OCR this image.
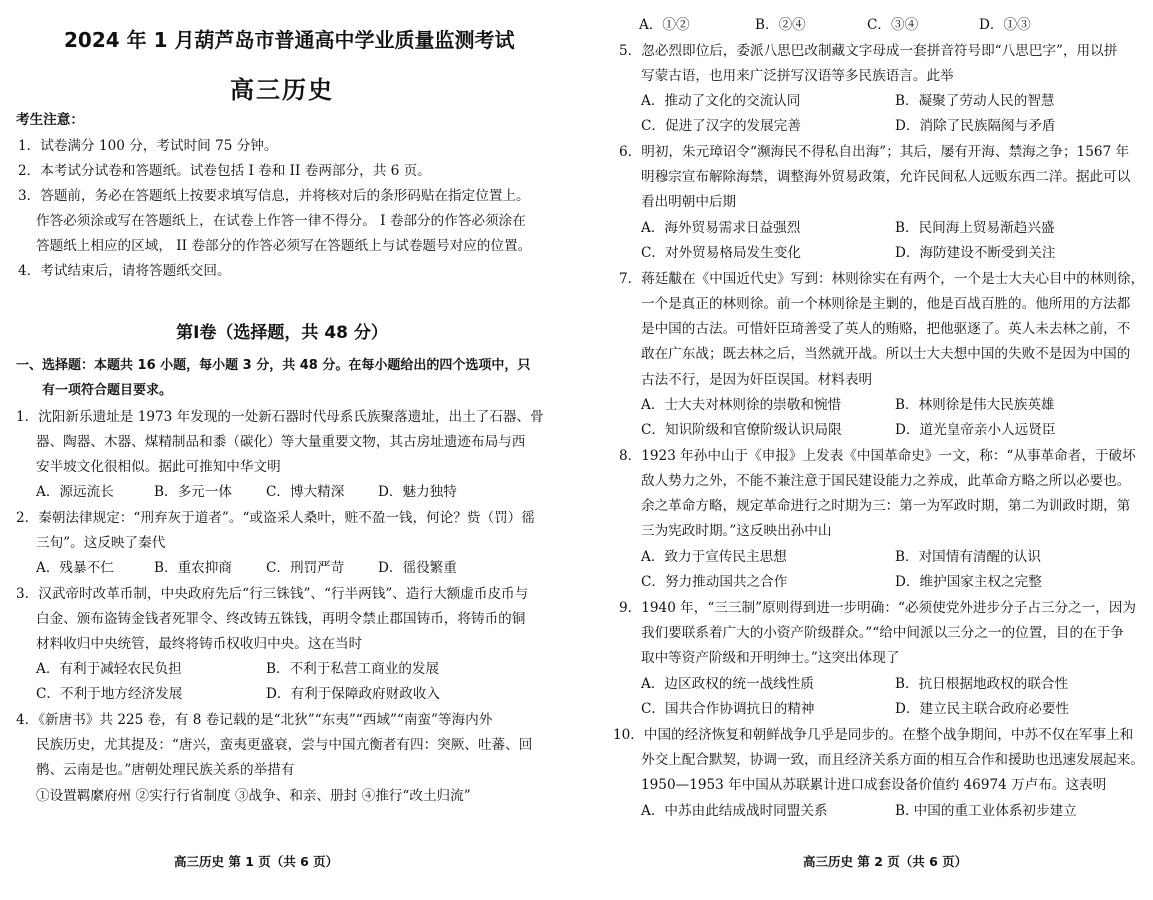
2024 年 1 月葫芦岛市普通高中学业质量监测考试
高三历史
考生注意：
1．试卷满分 100 分，考试时间 75 分钟。
2．本考试分试卷和答题纸。试卷包括 I 卷和 II 卷两部分，共 6 页。
3．答题前，务必在答题纸上按要求填写信息，并将核对后的条形码贴在指定位置上。
作答必须涂或写在答题纸上，在试卷上作答一律不得分。 I 卷部分的作答必须涂在
答题纸上相应的区域， II 卷部分的作答必须写在答题纸上与试卷题号对应的位置。
4．考试结束后，请将答题纸交回。
第Ⅰ卷（选择题，共 48 分）
一、选择题：本题共 16 小题，每小题 3 分，共 48 分。在每小题给出的四个选项中，只
有一项符合题目要求。
1．沈阳新乐遗址是 1973 年发现的一处新石器时代母系氏族聚落遗址，出土了石器、骨
器、陶器、木器、煤精制品和黍（碳化）等大量重要文物，其古房址遗迹布局与西
安半坡文化很相似。据此可推知中华文明
A．源远流长	B．多元一体	C．博大精深 D．魅力独特
2．秦朝法律规定：“刑弃灰于道者”。“或盗采人桑叶，赃不盈一钱，何论？赀（罚）徭
三旬”。这反映了秦代
A．残暴不仁	B．重农抑商	C．刑罚严苛 D．徭役繁重
3．汉武帝时改革币制，中央政府先后“行三铢钱”、“行半两钱”、造行大额虚币皮币与
白金、颁布盗铸金钱者死罪令、终改铸五铢钱，再明令禁止郡国铸币，将铸币的铜
材料收归中央统管，最终将铸币权收归中央。这在当时
A．有利于减轻农民负担	B．不利于私营工商业的发展
C．不利于地方经济发展	D．有利于保障政府财政收入
4．《新唐书》共 225 卷，有 8 卷记载的是“北狄”“东夷”“西域”“南蛮”等海内外
民族历史，尤其提及：“唐兴，蛮夷更盛衰，尝与中国亢衡者有四：突厥、吐蕃、回
鹘、云南是也。”唐朝处理民族关系的举措有
①设置羁縻府州 ②实行行省制度 ③战争、和亲、册封 ④推行“改土归流”
高三历史 第 1 页（共 6 页）
A．①②	B．②④	C．③④	D．①③
5．忽必烈即位后，委派八思巴改制藏文字母成一套拼音符号即“八思巴字”，用以拼
写蒙古语，也用来广泛拼写汉语等多民族语言。此举
A．推动了文化的交流认同	B．凝聚了劳动人民的智慧
C．促进了汉字的发展完善	D．消除了民族隔阂与矛盾
6．明初，朱元璋诏令“濒海民不得私自出海”；其后，屡有开海、禁海之争；1567 年
明穆宗宣布解除海禁，调整海外贸易政策，允许民间私人远贩东西二洋。据此可以
看出明朝中后期
A．海外贸易需求日益强烈	B．民间海上贸易渐趋兴盛
C．对外贸易格局发生变化	D．海防建设不断受到关注
7．蒋廷黻在《中国近代史》写到：林则徐实在有两个，一个是士大夫心目中的林则徐，
一个是真正的林则徐。前一个林则徐是主剿的，他是百战百胜的。他所用的方法都
是中国的古法。可惜奸臣琦善受了英人的贿赂，把他驱逐了。英人未去林之前，不
敢在广东战；既去林之后，当然就开战。所以士大夫想中国的失败不是因为中国的
古法不行，是因为奸臣误国。材料表明
A．士大夫对林则徐的崇敬和惋惜	B．林则徐是伟大民族英雄
C．知识阶级和官僚阶级认识局限	D．道光皇帝亲小人远贤臣
8．1923 年孙中山于《申报》上发表《中国革命史》一文，称：“从事革命者，于破坏
敌人势力之外，不能不兼注意于国民建设能力之养成，此革命方略之所以必要也。
余之革命方略，规定革命进行之时期为三：第一为军政时期，第二为训政时期，第
三为宪政时期。”这反映出孙中山
A．致力于宣传民主思想	B．对国情有清醒的认识
C．努力推动国共之合作	D．维护国家主权之完整
9．1940 年，“三三制”原则得到进一步明确：“必须使党外进步分子占三分之一，因为
我们要联系着广大的小资产阶级群众。”“给中间派以三分之一的位置，目的在于争
取中等资产阶级和开明绅士。”这突出体现了
A．边区政权的统一战线性质	B．抗日根据地政权的联合性
C．国共合作协调抗日的精神	D．建立民主联合政府必要性
10．中国的经济恢复和朝鲜战争几乎是同步的。在整个战争期间，中苏不仅在军事上和
外交上配合默契，协调一致，而且经济关系方面的相互合作和援助也迅速发展起来。
1950—1953 年中国从苏联累计进口成套设备价值约 46974 万卢布。这表明
A．中苏由此结成战时同盟关系	B. 中国的重工业体系初步建立
高三历史 第 2 页（共 6 页）
